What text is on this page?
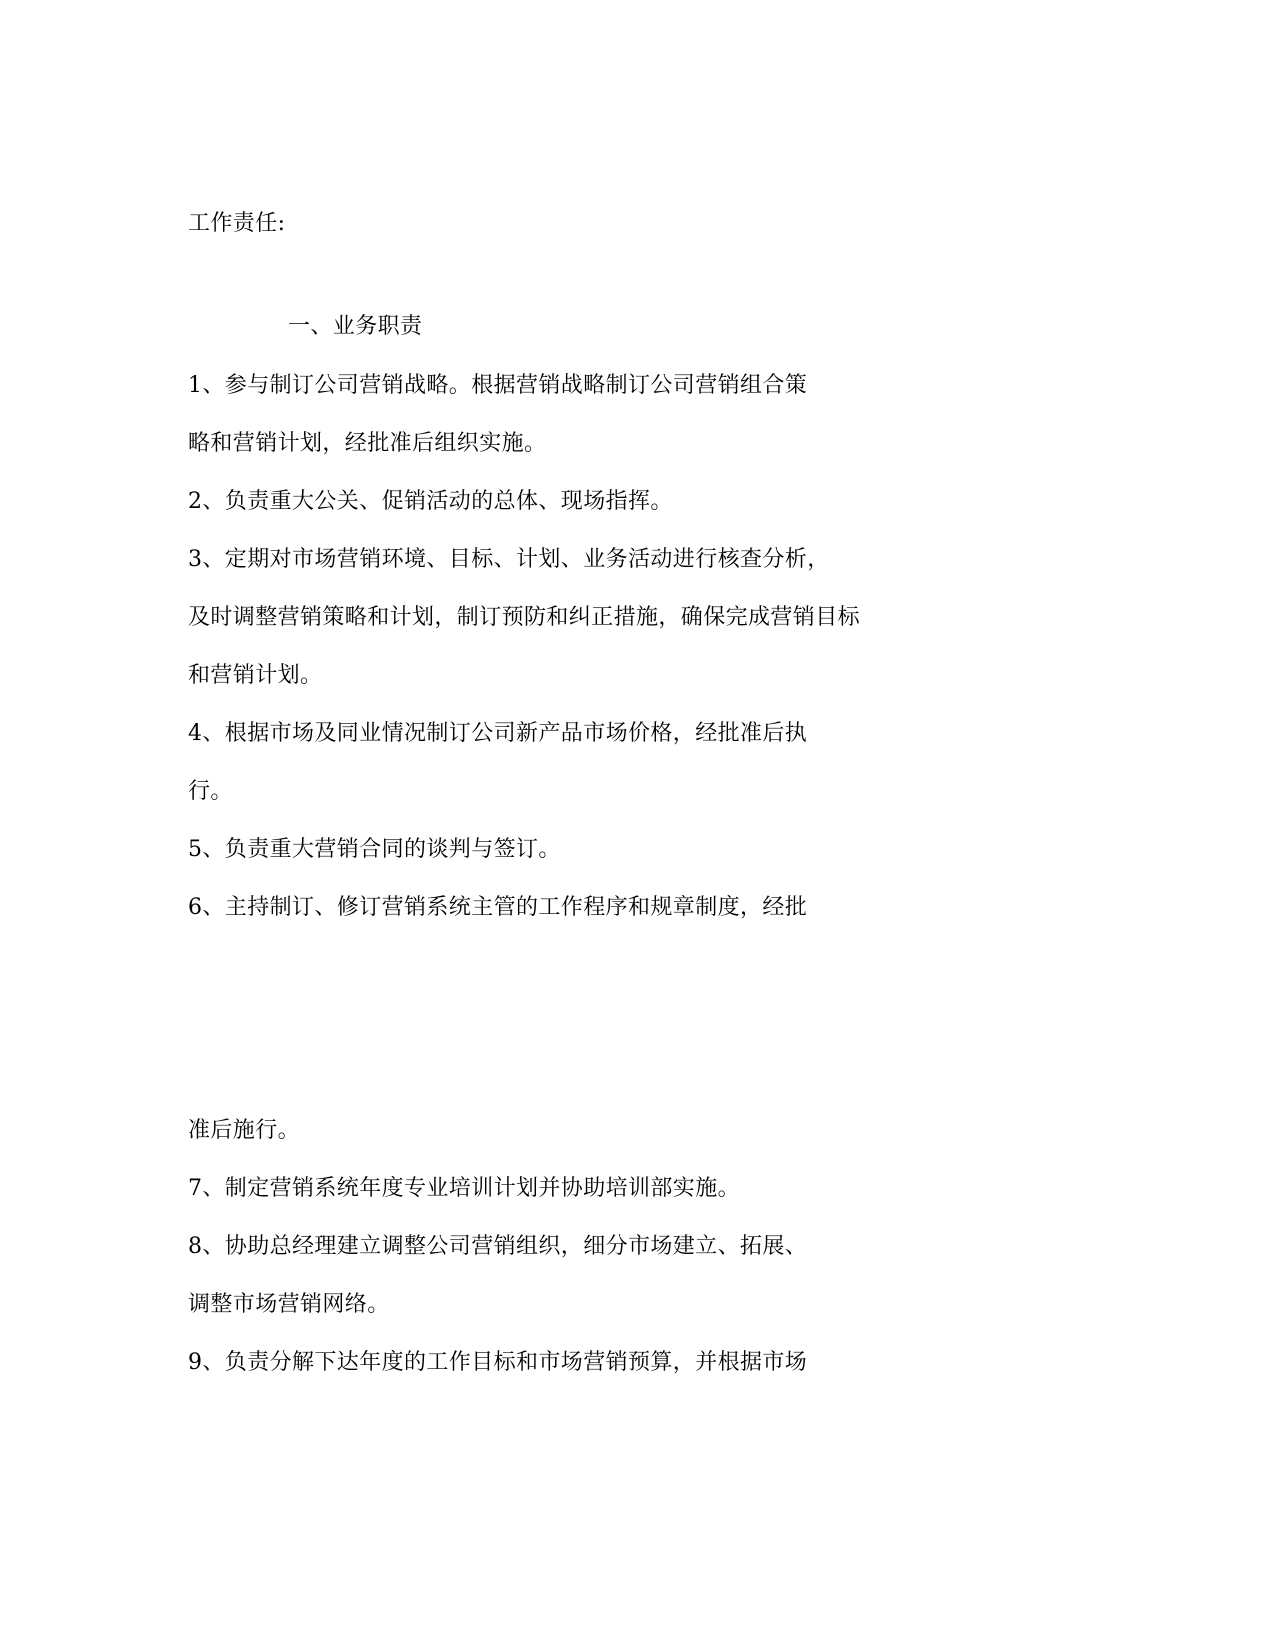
工作责任:
一、业务职责
1、参与制订公司营销战略。根据营销战略制订公司营销组合策
略和营销计划，经批准后组织实施。
2、负责重大公关、促销活动的总体、现场指挥。
3、定期对市场营销环境、目标、计划、业务活动进行核查分析，
及时调整营销策略和计划，制订预防和纠正措施，确保完成营销目标
和营销计划。
4、根据市场及同业情况制订公司新产品市场价格，经批准后执
行。
5、负责重大营销合同的谈判与签订。
6、主持制订、修订营销系统主管的工作程序和规章制度，经批
准后施行。
7、制定营销系统年度专业培训计划并协助培训部实施。
8、协助总经理建立调整公司营销组织，细分市场建立、拓展、
调整市场营销网络。
9、负责分解下达年度的工作目标和市场营销预算，并根据市场
